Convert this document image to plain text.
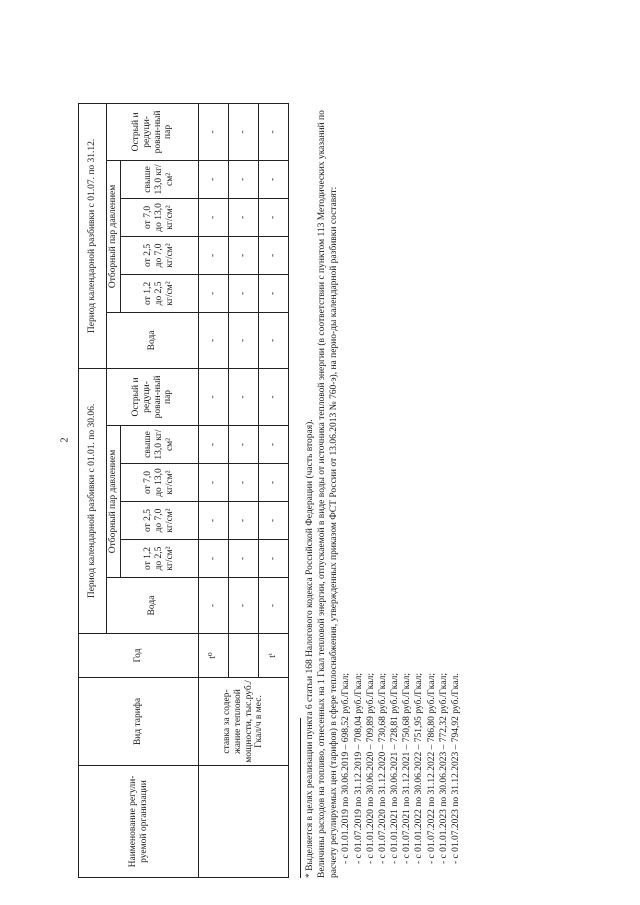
2
Наименование регули-руемой организации	Вид тарифа	Год	Период календарной разбивки с 01.01. по 30.06.						Период календарной разбивки с 01.07. по 31.12.					
			Вода	Отборный пар давлением				Острый и редуци-рован-ный пар	Вода	Отборный пар давлением				Острый и редуци-рован-ный пар
				от 1,2 до 2,5 кг/см²	от 2,5 до 7,0 кг/см²	от 7,0 до 13,0 кг/см²	свыше 13,0 кг/см²			от 1,2 до 2,5 кг/см²	от 2,5 до 7,0 кг/см²	от 7,0 до 13,0 кг/см²	свыше 13,0 кг/см²	
	ставка за содер-жание тепловой мощности, тыс.руб./Гкал/ч в мес.	t⁰	-	-	-	-	-	-	-	-	-	-	-	-
			-	-	-	-	-	-	-	-	-	-	-	-
		tⁱ	-	-	-	-	-	-	-	-	-	-	-	-

* Выделяется в целях реализации пункта 6 статьи 168 Налогового кодекса Российской Федерации (часть вторая). Величины расходов на топливо, отнесенных на 1 Гкал тепловой энергии, отпускаемой в виде воды от источника тепловой энергии (в соответствии с пунктом 113 Методических указаний по расчету регулируемых цен (тарифов) в сфере теплоснабжения, утвержденных приказом ФСТ России от 13.06.2013 № 760-э), на перио-ды календарной разбивки составят: - с 01.01.2019 по 30.06.2019 – 698,52 руб./Гкал; - с 01.07.2019 по 31.12.2019 – 708,04 руб./Гкал; - с 01.01.2020 по 30.06.2020 – 709,89 руб./Гкал; - с 01.07.2020 по 31.12.2020 – 730,68 руб./Гкал; - с 01.01.2021 по 30.06.2021 – 728,81 руб./Гкал; - с 01.07.2021 по 31.12.2021 – 750,68 руб./Гкал; - с 01.01.2022 по 30.06.2022 – 751,95 руб./Гкал; - с 01.07.2022 по 31.12.2022 – 786,80 руб./Гкал; - с 01.01.2023 по 30.06.2023 – 772,32 руб./Гкал; - с 01.07.2023 по 31.12.2023 – 794,92 руб./Гкал.
